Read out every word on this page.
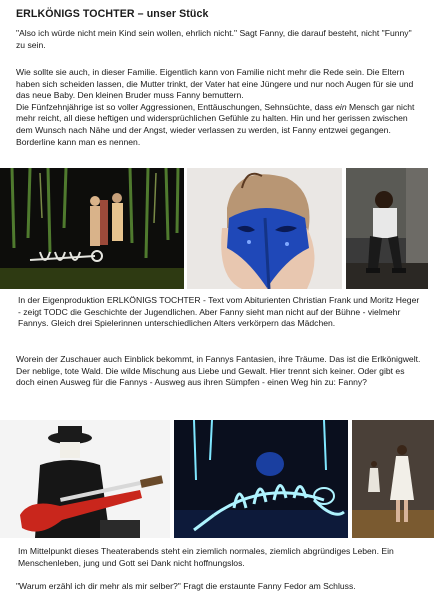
ERLKÖNIGS TOCHTER – unser Stück

"Also ich würde nicht mein Kind sein wollen, ehrlich nicht." Sagt Fanny, die darauf besteht, nicht "Funny" zu sein.

Wie sollte sie auch, in dieser Familie. Eigentlich kann von Familie nicht mehr die Rede sein. Die Eltern haben sich scheiden lassen, die Mutter trinkt, der Vater hat eine Jüngere und nur noch Augen für sie und das neue Baby. Den kleinen Bruder muss Fanny bemuttern.
Die Fünfzehnjährige ist so voller Aggressionen, Enttäuschungen, Sehnsüchte, dass ein Mensch gar nicht mehr reicht, all diese heftigen und widersprüchlichen Gefühle zu halten. Hin und her gerissen zwischen dem Wunsch nach Nähe und der Angst, wieder verlassen zu werden, ist Fanny entzwei gegangen. Borderline kann man es nennen.

In der Eigenproduktion ERLKÖNIGS TOCHTER - Text vom Abiturienten Christian Frank und Moritz Heger - zeigt TODC die Geschichte der Jugendlichen. Aber Fanny sieht man nicht auf der Bühne - vielmehr Fannys. Gleich drei Spielerinnen unterschiedlichen Alters verkörpern das Mädchen.

Worein der Zuschauer auch Einblick bekommt, in Fannys Fantasien, ihre Träume. Das ist die Erlkönigwelt. Der neblige, tote Wald. Die wilde Mischung aus Liebe und Gewalt. Hier trennt sich keiner. Oder gibt es doch einen Ausweg für die Fannys - Ausweg aus ihren Sümpfen - einen Weg hin zu: Fanny?

Im Mittelpunkt dieses Theaterabends steht ein ziemlich normales, ziemlich abgründiges Leben. Ein Menschenleben, jung und Gott sei Dank nicht hoffnungslos.

"Warum erzähl ich dir mehr als mir selber?" Fragt die erstaunte Fanny Fedor am Schluss.
